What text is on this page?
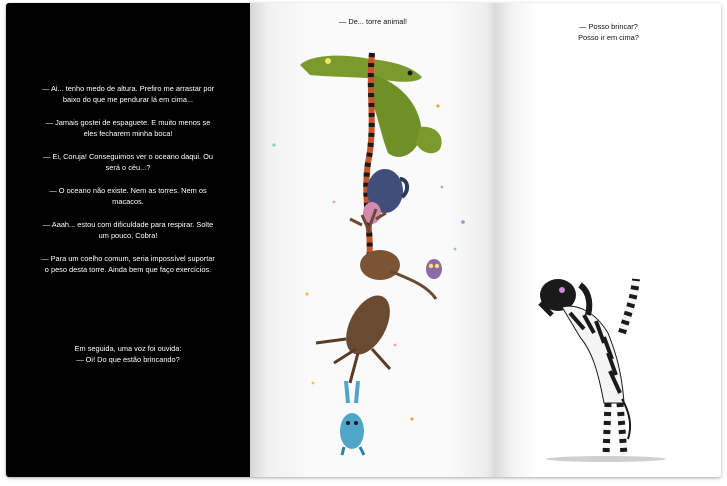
— Ai... tenho medo de altura. Prefiro me arrastar por baixo do que me pendurar lá em cima...

— Jamais gostei de espaguete. E muito menos se eles fecharem minha boca!

— Ei, Coruja! Conseguimos ver o oceano daqui. Ou será o céu...?

— O oceano não existe. Nem as torres. Nem os macacos.

— Aaah... estou com dificuldade para respirar. Solte um pouco, Cobra!

— Para um coelho comum, seria impossível suportar o peso desta torre. Ainda bem que faço exercícios.

Em seguida, uma voz foi ouvida:

— Oi! Do que estão brincando?

— De... torre animal!

— Posso brincar?

Posso ir em cima?
